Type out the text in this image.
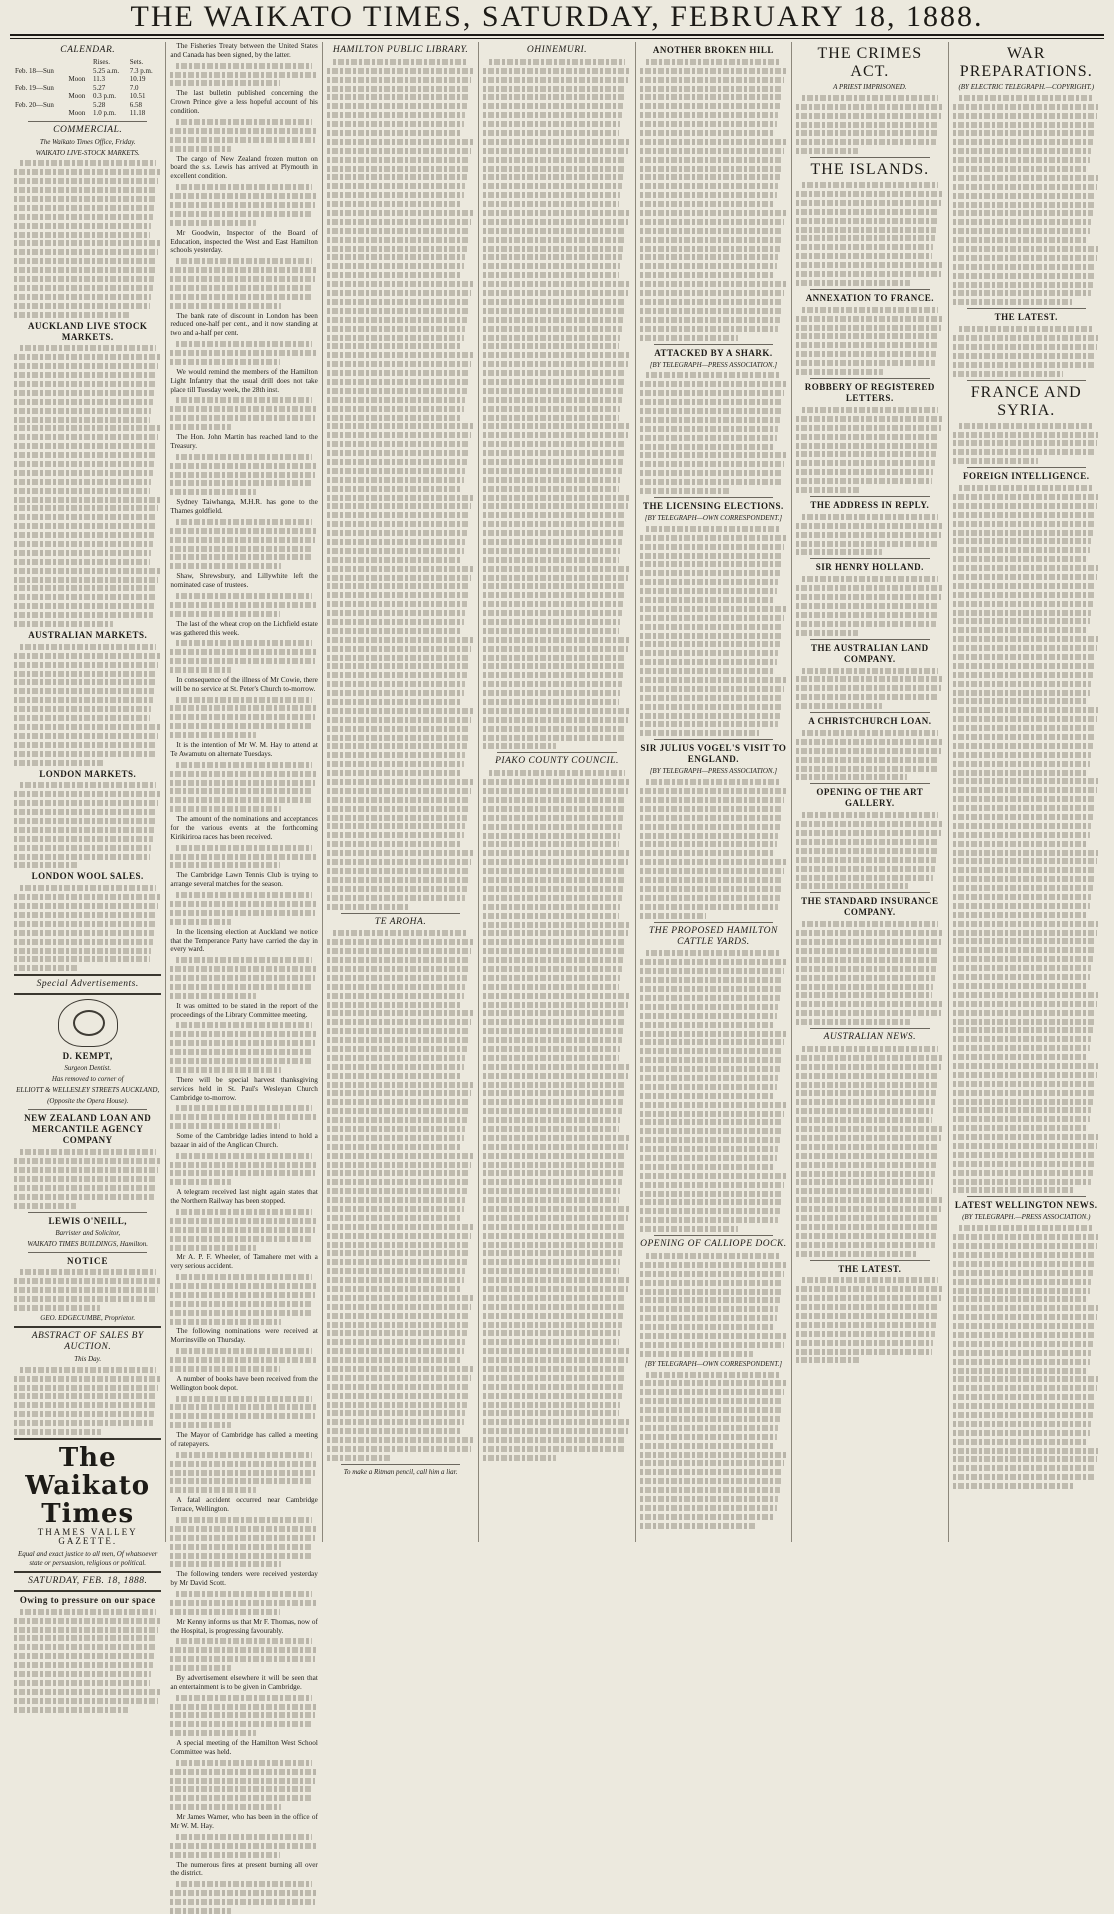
THE WAIKATO TIMES, SATURDAY, FEBRUARY 18, 1888.
CALENDAR.
		Rises.	Sets.
Feb. 18—Sun		5.25 a.m.	7.3 p.m.
	Moon	11.3	10.19
Feb. 19—Sun		5.27	7.0
	Moon	0.3 p.m.	10.51
Feb. 20—Sun		5.28	6.58
	Moon	1.0 p.m.	11.18
COMMERCIAL.
The Waikato Times Office, Friday.
WAIKATO LIVE-STOCK MARKETS.
AUCKLAND LIVE STOCK MARKETS.
AUSTRALIAN MARKETS.
LONDON MARKETS.
LONDON WOOL SALES.
Special Advertisements.
D. KEMPT,
Surgeon Dentist.
Has removed to corner of
ELLIOTT & WELLESLEY STREETS AUCKLAND,
(Opposite the Opera House).
NEW ZEALAND LOAN AND MERCANTILE AGENCY COMPANY
LEWIS O'NEILL,
Barrister and Solicitor,
WAIKATO TIMES BUILDINGS, Hamilton.
NOTICE
GEO. EDGECUMBE, Proprietor.
ABSTRACT OF SALES BY AUCTION.
This Day.
The Waikato Times
THAMES VALLEY GAZETTE.
Equal and exact justice to all men, Of whatsoever state or persuasion, religious or political.
SATURDAY, FEB. 18, 1888.
Owing to pressure on our space
The Fisheries Treaty between the United States and Canada has been signed, by the latter.
The last bulletin published concerning the Crown Prince give a less hopeful account of his condition.
The cargo of New Zealand frozen mutton on board the s.s. Lewis has arrived at Plymouth in excellent condition.
Mr Goodwin, Inspector of the Board of Education, inspected the West and East Hamilton schools yesterday.
The bank rate of discount in London has been reduced one-half per cent., and it now standing at two and a-half per cent.
We would remind the members of the Hamilton Light Infantry that the usual drill does not take place till Tuesday week, the 28th inst.
The Hon. John Martin has reached land to the Treasury.
Sydney Taiwhanga, M.H.R. has gone to the Thames goldfield.
Shaw, Shrewsbury, and Lillywhite left the nominated case of trustees.
The last of the wheat crop on the Lichfield estate was gathered this week.
In consequence of the illness of Mr Cowie, there will be no service at St. Peter's Church to-morrow.
It is the intention of Mr W. M. Hay to attend at Te Awamutu on alternate Tuesdays.
The amount of the nominations and acceptances for the various events at the forthcoming Kirikiriroa races has been received.
The Cambridge Lawn Tennis Club is trying to arrange several matches for the season.
In the licensing election at Auckland we notice that the Temperance Party have carried the day in every ward.
It was omitted to be stated in the report of the proceedings of the Library Committee meeting.
There will be special harvest thanksgiving services held in St. Paul's Wesleyan Church Cambridge to-morrow.
Some of the Cambridge ladies intend to hold a bazaar in aid of the Anglican Church.
A telegram received last night again states that the Northern Railway has been stopped.
Mr A. P. F. Wheeler, of Tamahere met with a very serious accident.
The following nominations were received at Morrinsville on Thursday.
A number of books have been received from the Wellington book depot.
The Mayor of Cambridge has called a meeting of ratepayers.
A fatal accident occurred near Cambridge Terrace, Wellington.
The following tenders were received yesterday by Mr David Scott.
Mr Kenny informs us that Mr F. Thomas, now of the Hospital, is progressing favourably.
By advertisement elsewhere it will be seen that an entertainment is to be given in Cambridge.
A special meeting of the Hamilton West School Committee was held.
Mr James Warner, who has been in the office of Mr W. M. Hay.
The numerous fires at present burning all over the district.
HAMILTON PUBLIC LIBRARY.
TE AROHA.
To make a Ritman pencil, call him a liar.
OHINEMURI.
PIAKO COUNTY COUNCIL.
ANOTHER BROKEN HILL
ATTACKED BY A SHARK.
[BY TELEGRAPH—PRESS ASSOCIATION.]
THE LICENSING ELECTIONS.
[BY TELEGRAPH—OWN CORRESPONDENT.]
SIR JULIUS VOGEL'S VISIT TO ENGLAND.
[BY TELEGRAPH—PRESS ASSOCIATION.]
THE PROPOSED HAMILTON CATTLE YARDS.
OPENING OF CALLIOPE DOCK.
[BY TELEGRAPH—OWN CORRESPONDENT.]
THE CRIMES ACT.
A PRIEST IMPRISONED.
THE ISLANDS.
ANNEXATION TO FRANCE.
ROBBERY OF REGISTERED LETTERS.
THE ADDRESS IN REPLY.
SIR HENRY HOLLAND.
THE AUSTRALIAN LAND COMPANY.
A CHRISTCHURCH LOAN.
OPENING OF THE ART GALLERY.
THE STANDARD INSURANCE COMPANY.
AUSTRALIAN NEWS.
THE LATEST.
WAR PREPARATIONS.
(BY ELECTRIC TELEGRAPH.—COPYRIGHT.)
THE LATEST.
FRANCE AND SYRIA.
FOREIGN INTELLIGENCE.
LATEST WELLINGTON NEWS.
(BY TELEGRAPH.—PRESS ASSOCIATION.)
